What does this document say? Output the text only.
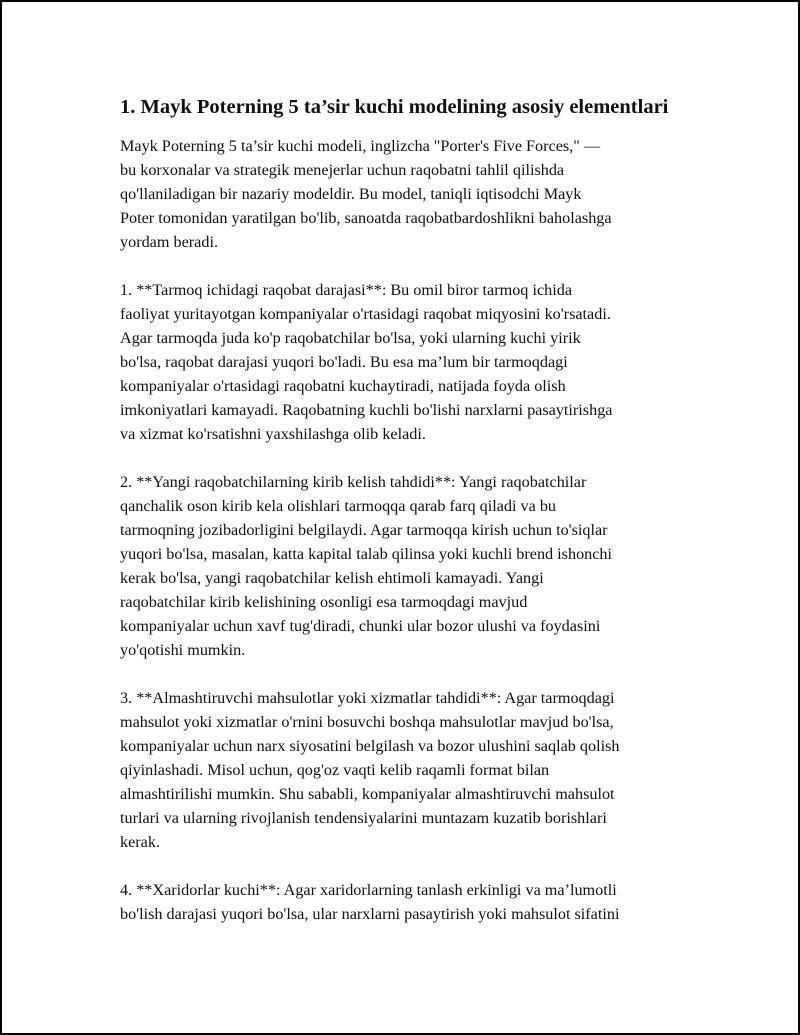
1. Mayk Poterning 5 ta’sir kuchi modelining asosiy elementlari

Mayk Poterning 5 ta’sir kuchi modeli, inglizcha "Porter's Five Forces," —
bu korxonalar va strategik menejerlar uchun raqobatni tahlil qilishda
qo'llaniladigan bir nazariy modeldir. Bu model, taniqli iqtisodchi Mayk
Poter tomonidan yaratilgan bo'lib, sanoatda raqobatbardoshlikni baholashga
yordam beradi.

1. **Tarmoq ichidagi raqobat darajasi**: Bu omil biror tarmoq ichida
faoliyat yuritayotgan kompaniyalar o'rtasidagi raqobat miqyosini ko'rsatadi.
Agar tarmoqda juda ko'p raqobatchilar bo'lsa, yoki ularning kuchi yirik
bo'lsa, raqobat darajasi yuqori bo'ladi. Bu esa ma’lum bir tarmoqdagi
kompaniyalar o'rtasidagi raqobatni kuchaytiradi, natijada foyda olish
imkoniyatlari kamayadi. Raqobatning kuchli bo'lishi narxlarni pasaytirishga
va xizmat ko'rsatishni yaxshilashga olib keladi.

2. **Yangi raqobatchilarning kirib kelish tahdidi**: Yangi raqobatchilar
qanchalik oson kirib kela olishlari tarmoqqa qarab farq qiladi va bu
tarmoqning jozibadorligini belgilaydi. Agar tarmoqqa kirish uchun to'siqlar
yuqori bo'lsa, masalan, katta kapital talab qilinsa yoki kuchli brend ishonchi
kerak bo'lsa, yangi raqobatchilar kelish ehtimoli kamayadi. Yangi
raqobatchilar kirib kelishining osonligi esa tarmoqdagi mavjud
kompaniyalar uchun xavf tug'diradi, chunki ular bozor ulushi va foydasini
yo'qotishi mumkin.

3. **Almashtiruvchi mahsulotlar yoki xizmatlar tahdidi**: Agar tarmoqdagi
mahsulot yoki xizmatlar o'rnini bosuvchi boshqa mahsulotlar mavjud bo'lsa,
kompaniyalar uchun narx siyosatini belgilash va bozor ulushini saqlab qolish
qiyinlashadi. Misol uchun, qog'oz vaqti kelib raqamli format bilan
almashtirilishi mumkin. Shu sababli, kompaniyalar almashtiruvchi mahsulot
turlari va ularning rivojlanish tendensiyalarini muntazam kuzatib borishlari
kerak.

4. **Xaridorlar kuchi**: Agar xaridorlarning tanlash erkinligi va ma’lumotli
bo'lish darajasi yuqori bo'lsa, ular narxlarni pasaytirish yoki mahsulot sifatini
